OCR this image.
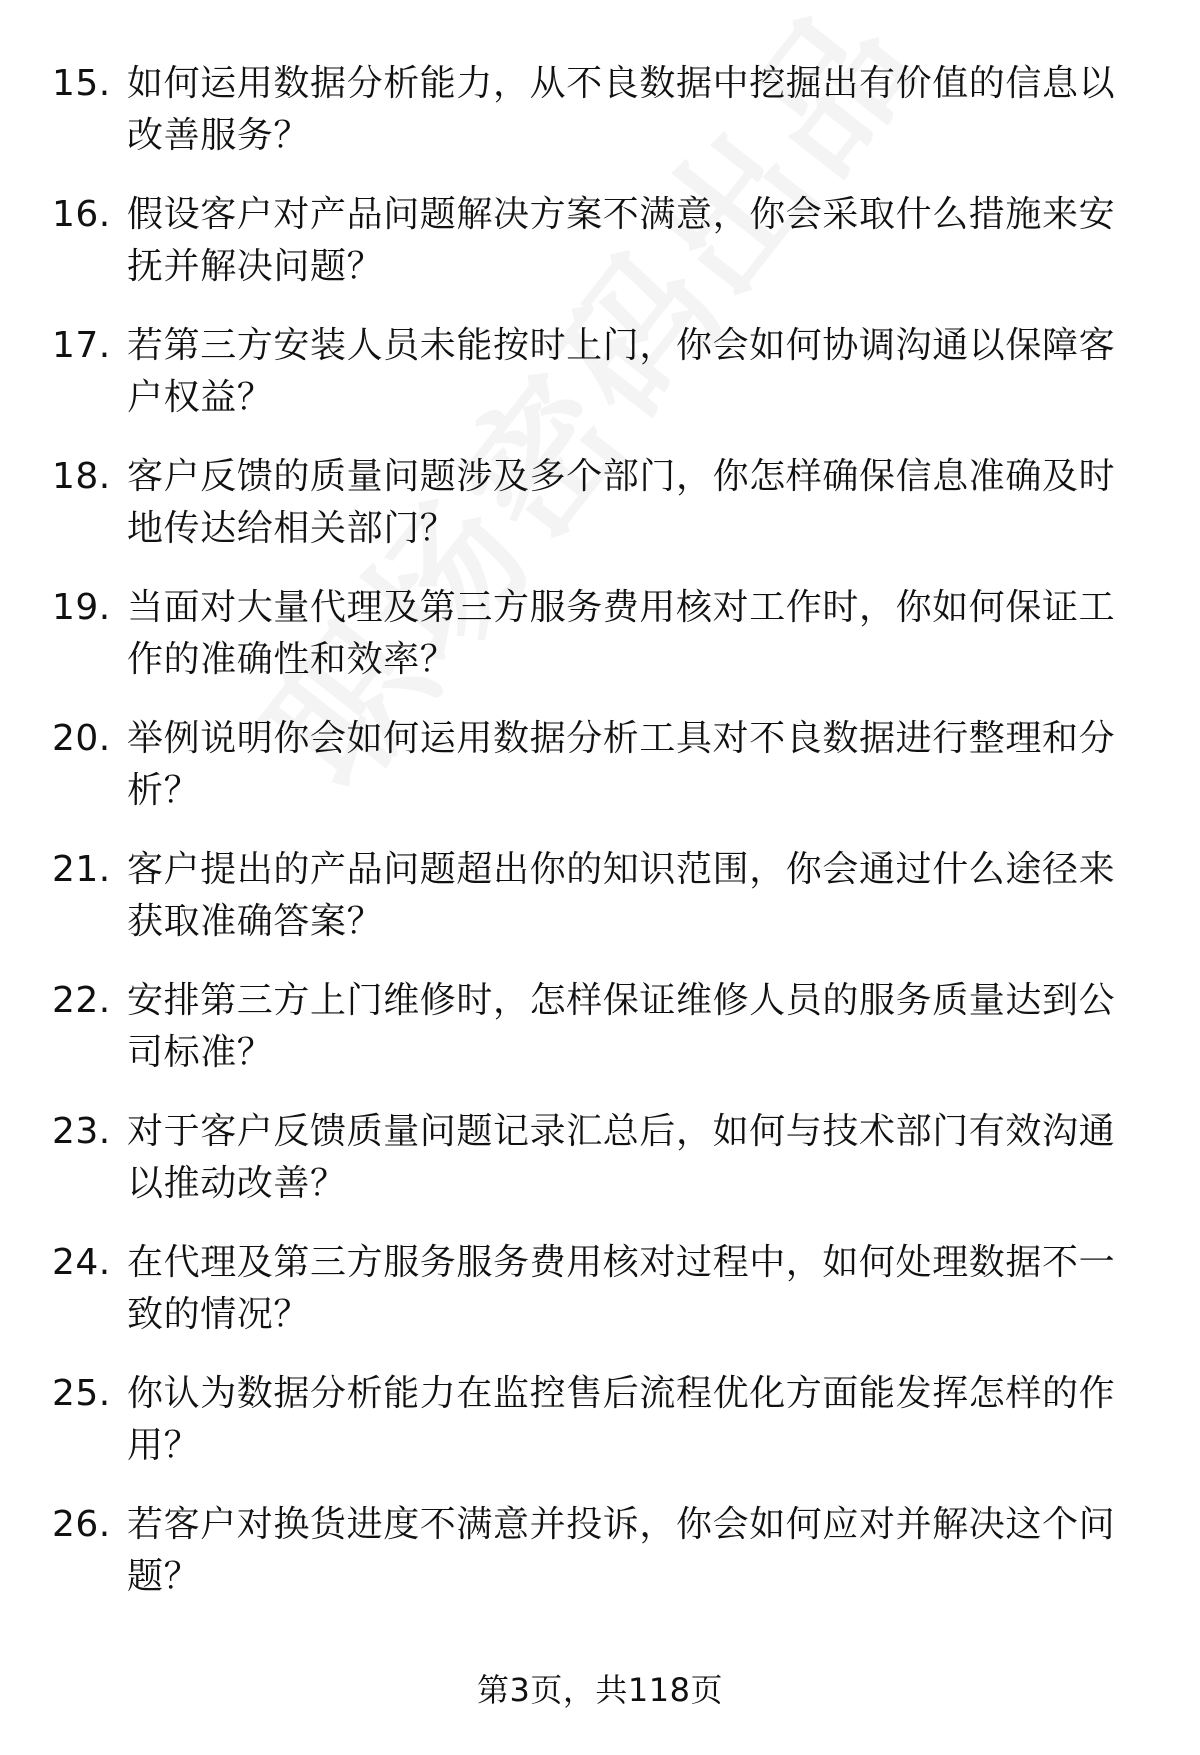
15. 如何运用数据分析能力，从不良数据中挖掘出有价值的信息以改善服务？
16. 假设客户对产品问题解决方案不满意，你会采取什么措施来安抚并解决问题？
17. 若第三方安装人员未能按时上门，你会如何协调沟通以保障客户权益？
18. 客户反馈的质量问题涉及多个部门，你怎样确保信息准确及时地传达给相关部门？
19. 当面对大量代理及第三方服务费用核对工作时，你如何保证工作的准确性和效率？
20. 举例说明你会如何运用数据分析工具对不良数据进行整理和分析？
21. 客户提出的产品问题超出你的知识范围，你会通过什么途径来获取准确答案？
22. 安排第三方上门维修时，怎样保证维修人员的服务质量达到公司标准？
23. 对于客户反馈质量问题记录汇总后，如何与技术部门有效沟通以推动改善？
24. 在代理及第三方服务服务费用核对过程中，如何处理数据不一致的情况？
25. 你认为数据分析能力在监控售后流程优化方面能发挥怎样的作用？
26. 若客户对换货进度不满意并投诉，你会如何应对并解决这个问题？
第3页，共118页
